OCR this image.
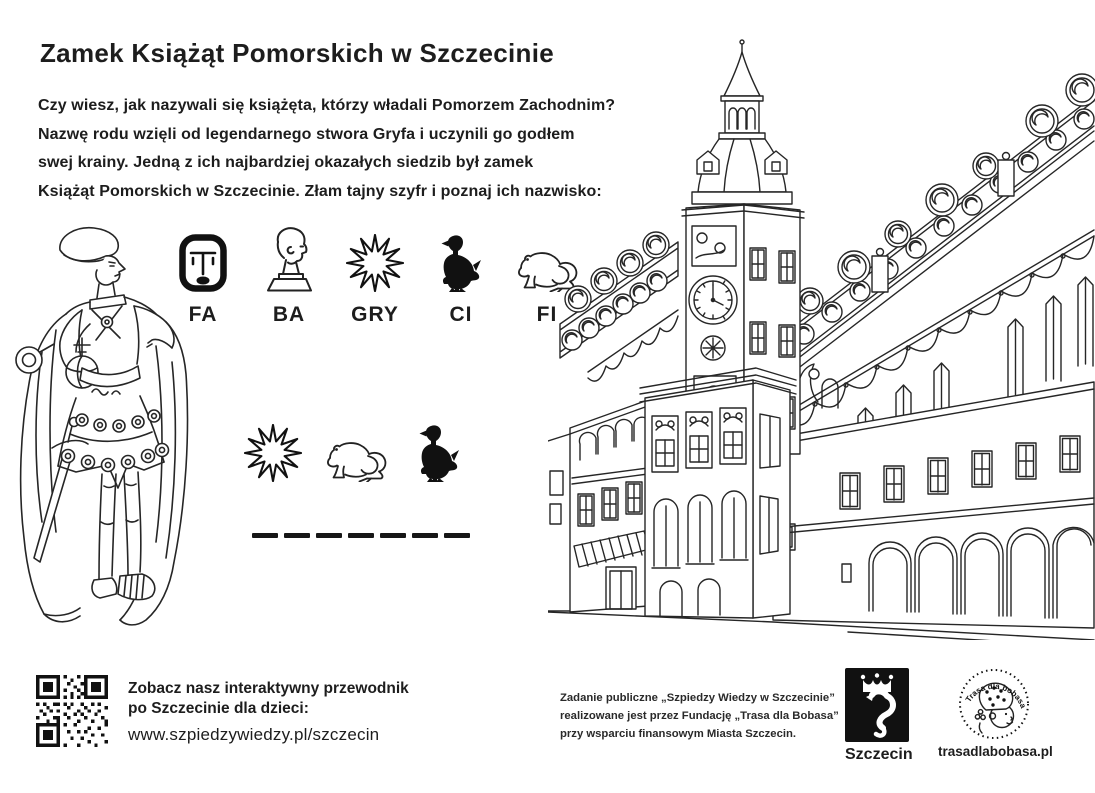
Zamek Książąt Pomorskich w Szczecinie
Czy wiesz, jak nazywali się książęta, którzy władali Pomorzem Zachodnim?
Nazwę rodu wzięli od legendarnego stwora Gryfa i uczynili go godłem
swej krainy. Jedną z ich najbardziej okazałych siedzib był zamek
Książąt Pomorskich w Szczecinie. Złam tajny szyfr i poznaj ich nazwisko:
FA	BA GRY CI	FI
Zobacz nasz interaktywny przewodnik
po Szczecinie dla dzieci:
www.szpiedzywiedzy.pl/szczecin
Zadanie publiczne „Szpiedzy Wiedzy w Szczecinie”
realizowane jest przez Fundację „Trasa dla Bobasa”
przy wsparciu finansowym Miasta Szczecin.
Szczecin
Trasa dla bobasa
trasadlabobasa.pl
